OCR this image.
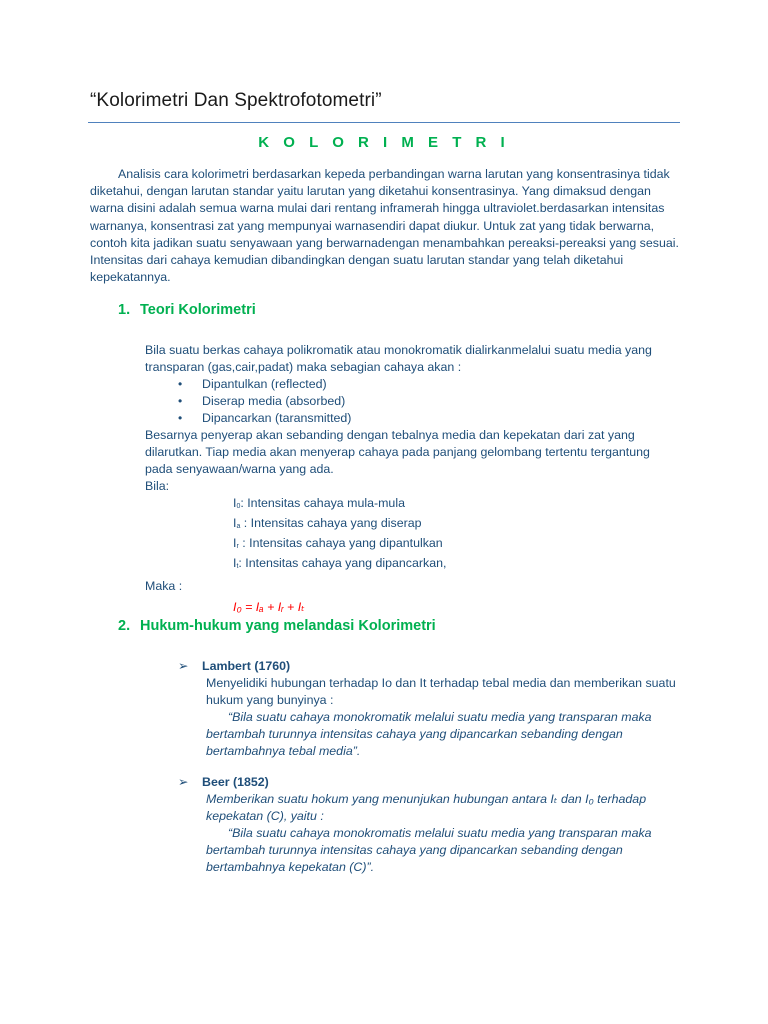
“Kolorimetri Dan Spektrofotometri”
K O L O R I M E T R I

Analisis cara kolorimetri berdasarkan kepeda perbandingan warna larutan yang konsentrasinya tidak diketahui, dengan larutan standar yaitu larutan yang diketahui konsentrasinya. Yang dimaksud dengan warna disini adalah semua warna mulai dari rentang inframerah hingga ultraviolet.berdasarkan intensitas warnanya, konsentrasi zat yang mempunyai warnasendiri dapat diukur. Untuk zat yang tidak berwarna, contoh kita jadikan suatu senyawaan yang berwarnadengan menambahkan pereaksi-pereaksi yang sesuai. Intensitas dari cahaya kemudian dibandingkan dengan suatu larutan standar yang telah diketahui kepekatannya.

1. Teori Kolorimetri

Bila suatu berkas cahaya polikromatik atau monokromatik dialirkanmelalui suatu media yang transparan (gas,cair,padat) maka sebagian cahaya akan :

• Dipantulkan (reflected)
• Diserap media (absorbed)
• Dipancarkan (taransmitted)

Besarnya penyerap akan sebanding dengan tebalnya media dan kepekatan dari zat yang dilarutkan. Tiap media akan menyerap cahaya pada panjang gelombang tertentu tergantung pada senyawaan/warna yang ada.

Bila:

I0: Intensitas cahaya mula-mula
Ia : Intensitas cahaya yang diserap
Ir : Intensitas cahaya yang dipantulkan
It: Intensitas cahaya yang dipancarkan,

Maka :

I₀ = Iₐ + Iᵣ + Iₜ
2. Hukum-hukum yang melandasi Kolorimetri
➢ Lambert (1760)

Menyelidiki hubungan terhadap Io dan It terhadap tebal media dan memberikan suatu hukum yang bunyinya :

“Bila suatu cahaya monokromatik melalui suatu media yang transparan maka bertambah turunnya intensitas cahaya yang dipancarkan sebanding dengan bertambahnya tebal media”.

➢ Beer (1852)

Memberikan suatu hokum yang menunjukan hubungan antara Iₜ dan I₀ terhadap kepekatan (C), yaitu :

“Bila suatu cahaya monokromatis melalui suatu media yang transparan maka bertambah turunnya intensitas cahaya yang dipancarkan sebanding dengan bertambahnya kepekatan (C)”.
